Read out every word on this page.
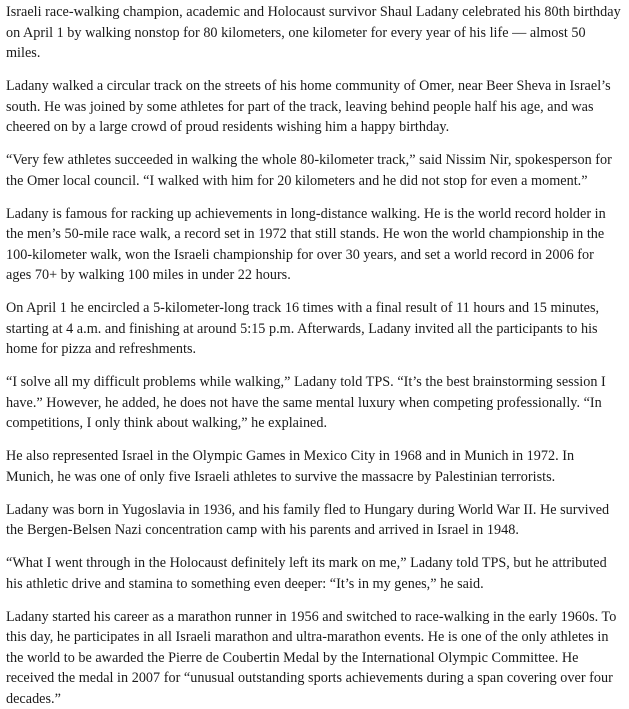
Israeli race-walking champion, academic and Holocaust survivor Shaul Ladany celebrated his 80th birthday on April 1 by walking nonstop for 80 kilometers, one kilometer for every year of his life — almost 50 miles.

Ladany walked a circular track on the streets of his home community of Omer, near Beer Sheva in Israel’s south. He was joined by some athletes for part of the track, leaving behind people half his age, and was cheered on by a large crowd of proud residents wishing him a happy birthday.

“Very few athletes succeeded in walking the whole 80-kilometer track,” said Nissim Nir, spokesperson for the Omer local council. “I walked with him for 20 kilometers and he did not stop for even a moment.”

Ladany is famous for racking up achievements in long-distance walking. He is the world record holder in the men’s 50-mile race walk, a record set in 1972 that still stands. He won the world championship in the 100-kilometer walk, won the Israeli championship for over 30 years, and set a world record in 2006 for ages 70+ by walking 100 miles in under 22 hours.

On April 1 he encircled a 5-kilometer-long track 16 times with a final result of 11 hours and 15 minutes, starting at 4 a.m. and finishing at around 5:15 p.m. Afterwards, Ladany invited all the participants to his home for pizza and refreshments.

“I solve all my difficult problems while walking,” Ladany told TPS. “It’s the best brainstorming session I have.” However, he added, he does not have the same mental luxury when competing professionally. “In competitions, I only think about walking,” he explained.

He also represented Israel in the Olympic Games in Mexico City in 1968 and in Munich in 1972. In Munich, he was one of only five Israeli athletes to survive the massacre by Palestinian terrorists.

Ladany was born in Yugoslavia in 1936, and his family fled to Hungary during World War II. He survived the Bergen-Belsen Nazi concentration camp with his parents and arrived in Israel in 1948.

“What I went through in the Holocaust definitely left its mark on me,” Ladany told TPS, but he attributed his athletic drive and stamina to something even deeper: “It’s in my genes,” he said.

Ladany started his career as a marathon runner in 1956 and switched to race-walking in the early 1960s. To this day, he participates in all Israeli marathon and ultra-marathon events. He is one of the only athletes in the world to be awarded the Pierre de Coubertin Medal by the International Olympic Committee. He received the medal in 2007 for “unusual outstanding sports achievements during a span covering over four decades.”
